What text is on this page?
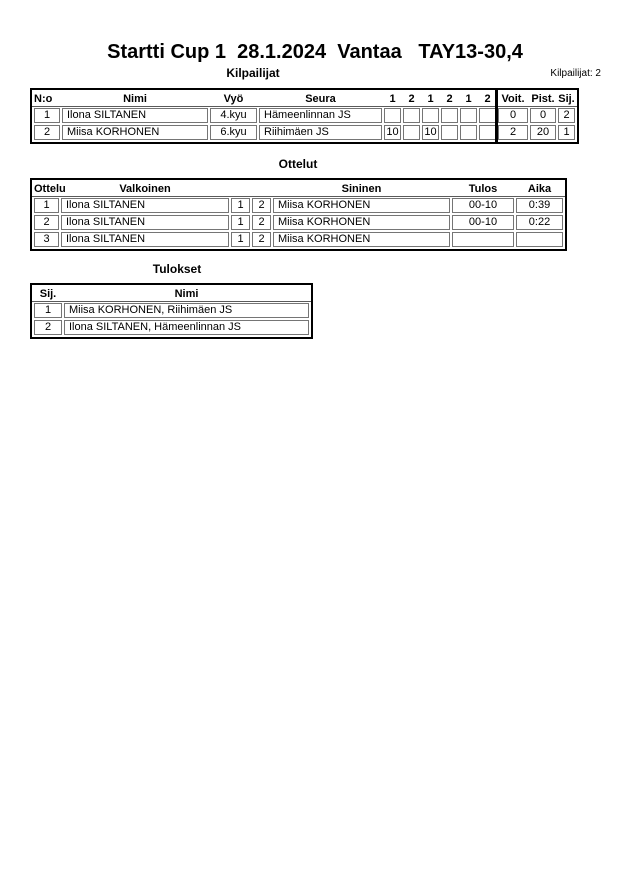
Startti Cup 1  28.1.2024  Vantaa   TAY13-30,4
Kilpailijat	Kilpailijat: 2
N:o	Nimi	Vyö	Seura	1	2	1	2	1	2	Voit.	Pist.	Sij.
1	Ilona SILTANEN	4.kyu	Hämeenlinnan JS							0	0	2
2	Miisa KORHONEN	6.kyu	Riihimäen JS	10		10				2	20	1
Ottelut
Ottelu	Valkoinen			Sininen	Tulos	Aika
1	Ilona SILTANEN	1	2	Miisa KORHONEN	00-10	0:39
2	Ilona SILTANEN	1	2	Miisa KORHONEN	00-10	0:22
3	Ilona SILTANEN	1	2	Miisa KORHONEN		
Tulokset
Sij.	Nimi
1	Miisa KORHONEN, Riihimäen JS
2	Ilona SILTANEN, Hämeenlinnan JS
